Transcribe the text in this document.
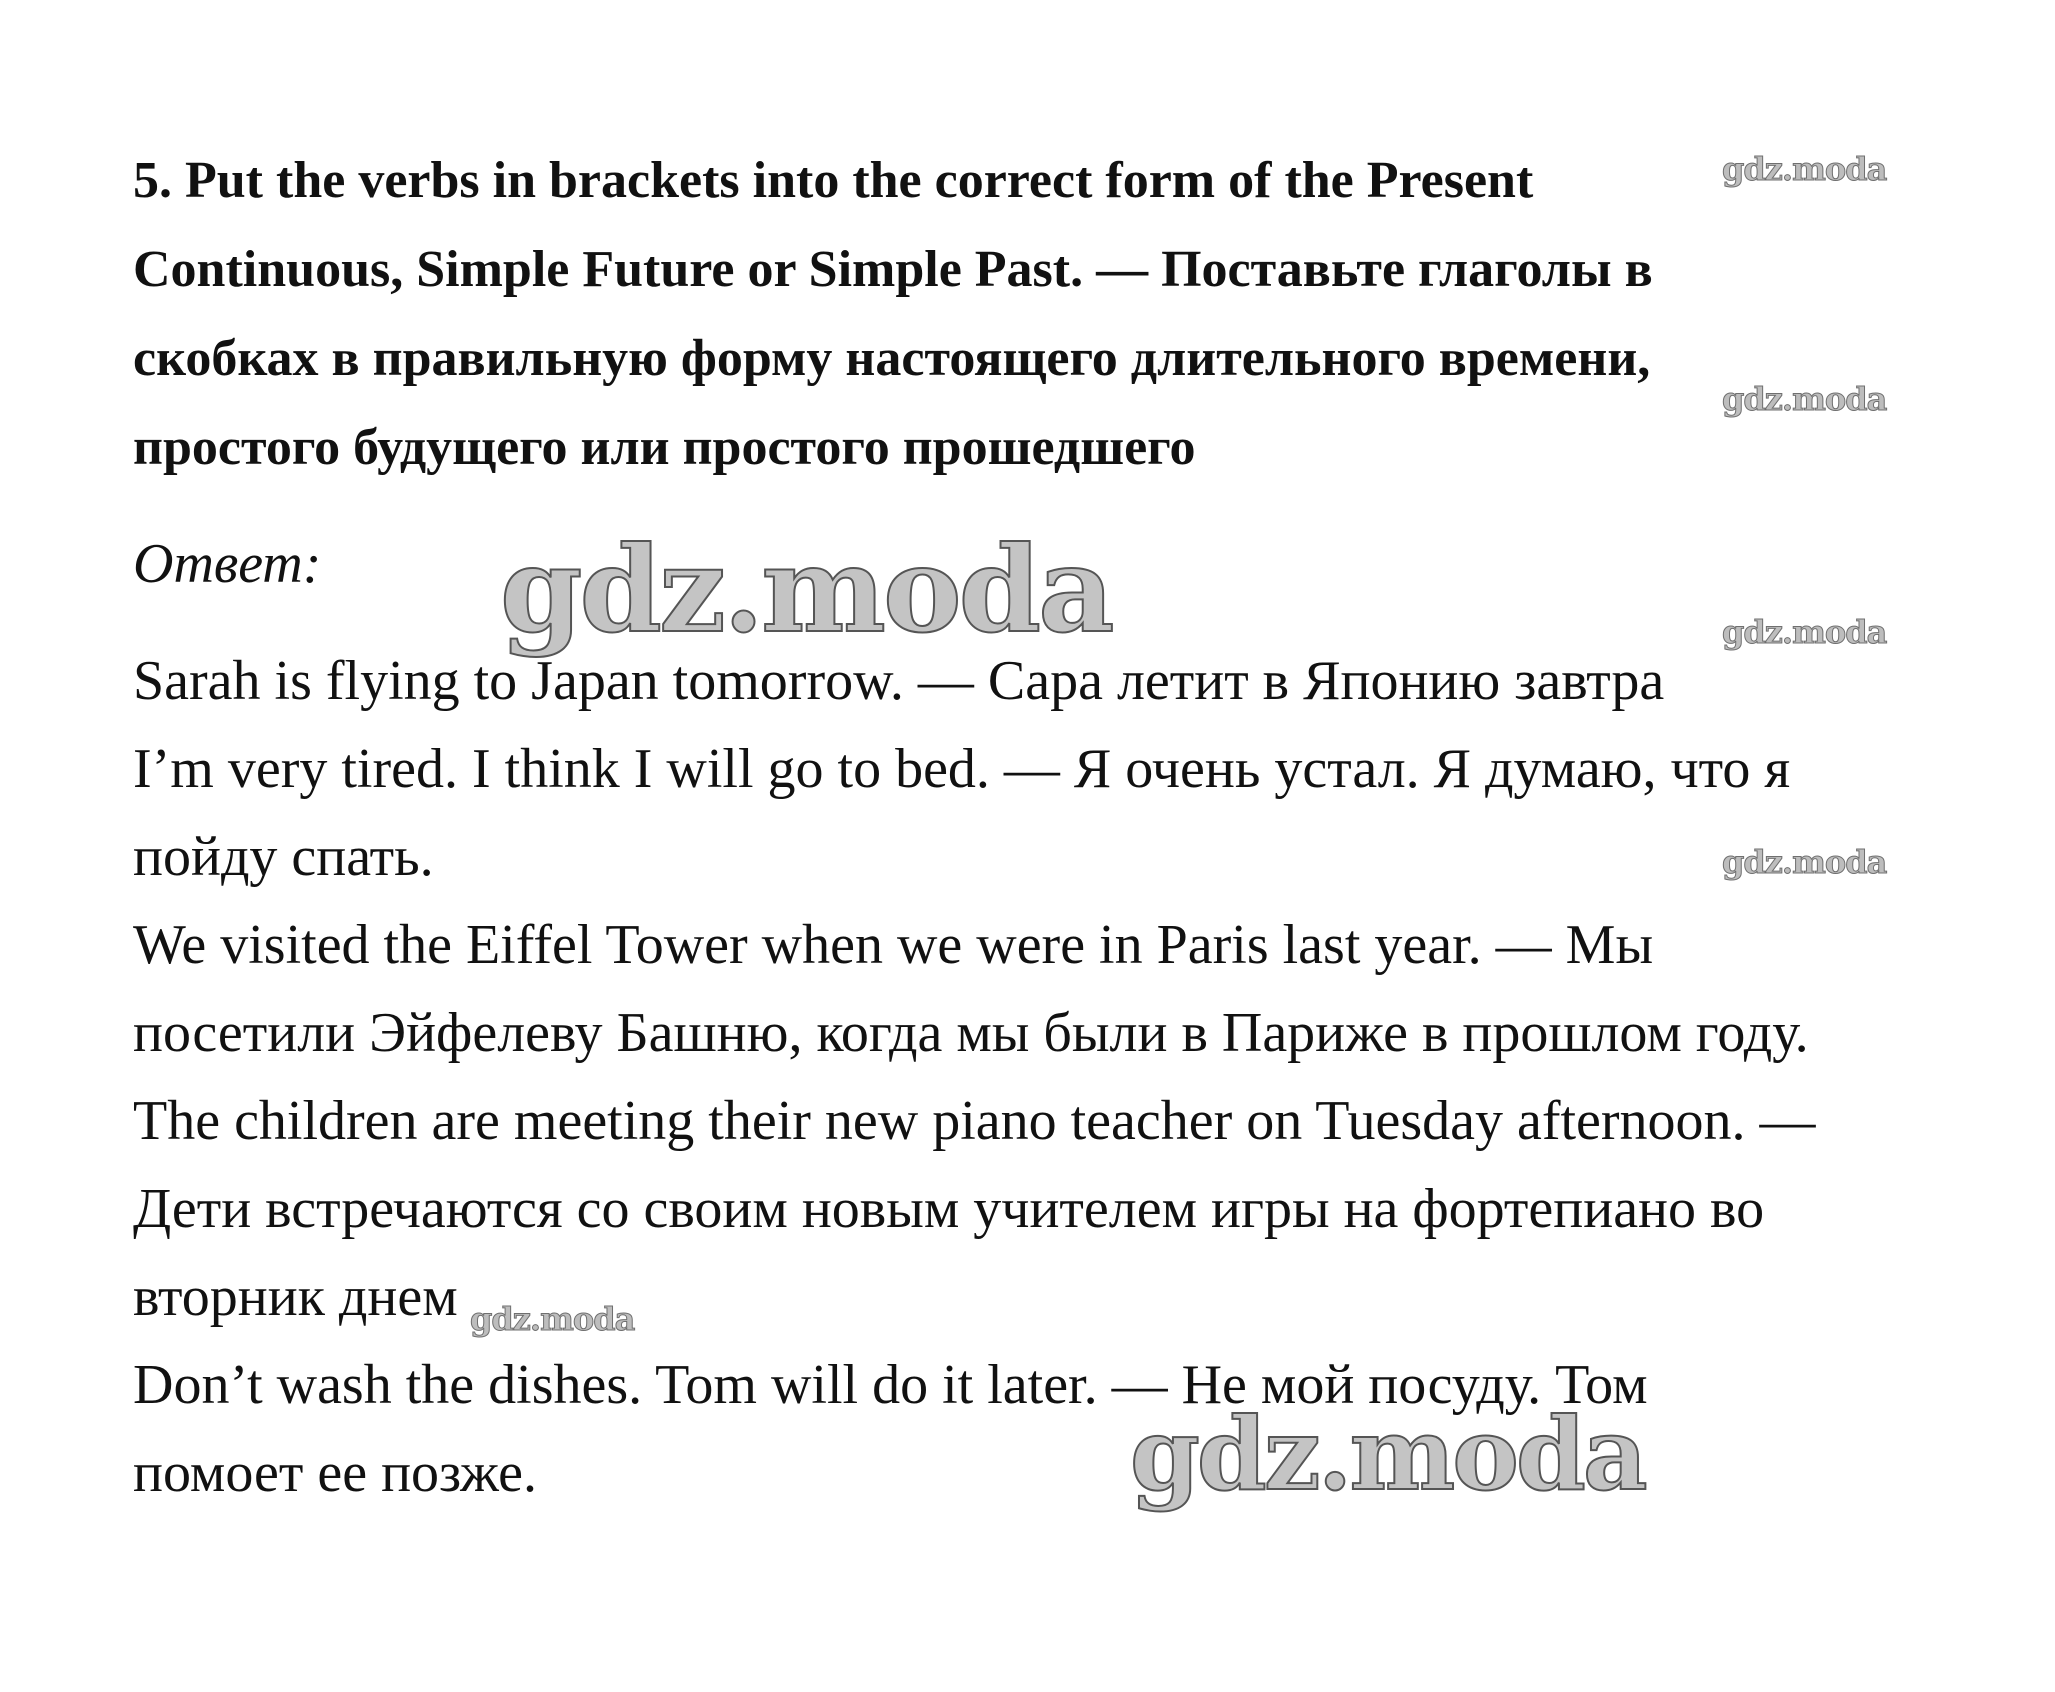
5. Put the verbs in brackets into the correct form of the Present
Continuous, Simple Future or Simple Past. — Поставьте глаголы в
скобках в правильную форму настоящего длительного времени,
простого будущего или простого прошедшего

Ответ:

Sarah is flying to Japan tomorrow. — Сара летит в Японию завтра
I’m very tired. I think I will go to bed. — Я очень устал. Я думаю, что я
пойду спать.
We visited the Eiffel Tower when we were in Paris last year. — Мы
посетили Эйфелеву Башню, когда мы были в Париже в прошлом году.
The children are meeting their new piano teacher on Tuesday afternoon. —
Дети встречаются со своим новым учителем игры на фортепиано во
вторник днем
Don’t wash the dishes. Tom will do it later. — Не мой посуду. Том
помоет ее позже.
gdz.moda
gdz.moda
gdz.moda
gdz.moda
gdz.moda
gdz.moda
gdz.moda
